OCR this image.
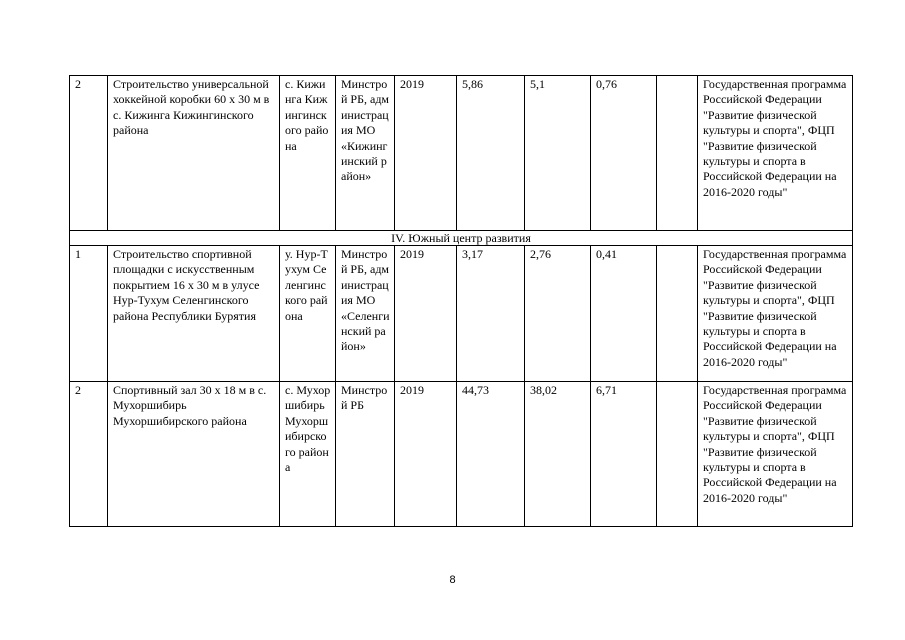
2	Строительство универсальной хоккейной коробки 60 х 30 м в с. Кижинга Кижингинского района	с. Кижинга Кижингинского района	Минстрой РБ, администрация МО «Кижингинский район»	2019	5,86	5,1	0,76		Государственная программа Российской Федерации "Развитие физической культуры и спорта", ФЦП "Развитие физической культуры и спорта в Российской Федерации на 2016-2020 годы"
IV. Южный центр развития									
1	Строительство спортивной площадки с искусственным покрытием 16 х 30 м в улусе Нур-Тухум Селенгинского района Республики Бурятия	у. Нур-Тухум Селенгинского района	Минстрой РБ, администрация МО «Селенгинский район»	2019	3,17	2,76	0,41		Государственная программа Российской Федерации "Развитие физической культуры и спорта", ФЦП "Развитие физической культуры и спорта в Российской Федерации на 2016-2020 годы"
2	Спортивный зал 30 х 18 м в с. Мухоршибирь Мухоршибирского района	с. Мухоршибирь Мухоршибирского района	Минстрой РБ	2019	44,73	38,02	6,71		Государственная программа Российской Федерации "Развитие физической культуры и спорта", ФЦП "Развитие физической культуры и спорта в Российской Федерации на 2016-2020 годы"
8
